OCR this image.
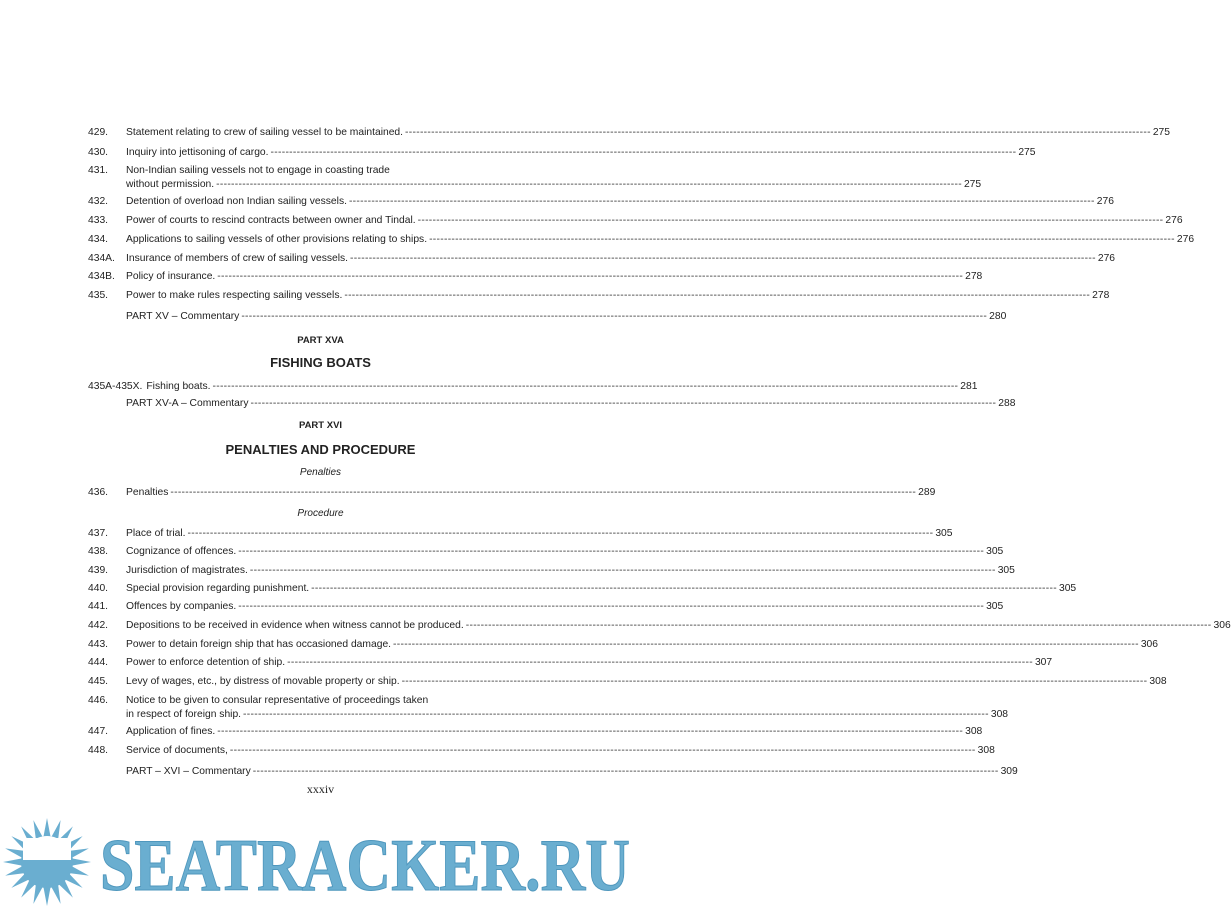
429.	Statement relating to crew of sailing vessel to be maintained. -------------------------------------------------------------------------------------------------------------------------------------------------------------------------------------------------------- 275
430.	Inquiry into jettisoning of cargo. -------------------------------------------------------------------------------------------------------------------------------------------------------------------------------------------------------- 275
431.	Non-Indian sailing vessels not to engage in coasting trade
without permission. -------------------------------------------------------------------------------------------------------------------------------------------------------------------------------------------------------- 275
432.	Detention of overload non Indian sailing vessels. -------------------------------------------------------------------------------------------------------------------------------------------------------------------------------------------------------- 276
433.	Power of courts to rescind contracts between owner and Tindal. -------------------------------------------------------------------------------------------------------------------------------------------------------------------------------------------------------- 276
434.	Applications to sailing vessels of other provisions relating to ships. -------------------------------------------------------------------------------------------------------------------------------------------------------------------------------------------------------- 276
434A.	Insurance of members of crew of sailing vessels. -------------------------------------------------------------------------------------------------------------------------------------------------------------------------------------------------------- 276
434B.	Policy of insurance. -------------------------------------------------------------------------------------------------------------------------------------------------------------------------------------------------------- 278
435.	Power to make rules respecting sailing vessels. -------------------------------------------------------------------------------------------------------------------------------------------------------------------------------------------------------- 278
PART XV – Commentary -------------------------------------------------------------------------------------------------------------------------------------------------------------------------------------------------------- 280
PART XVA
FISHING BOATS
435A-435X. Fishing boats. -------------------------------------------------------------------------------------------------------------------------------------------------------------------------------------------------------- 281
PART XV-A – Commentary -------------------------------------------------------------------------------------------------------------------------------------------------------------------------------------------------------- 288
PART XVI
PENALTIES AND PROCEDURE
Penalties
436.	Penalties -------------------------------------------------------------------------------------------------------------------------------------------------------------------------------------------------------- 289
Procedure
437.	Place of trial. -------------------------------------------------------------------------------------------------------------------------------------------------------------------------------------------------------- 305
438.	Cognizance of offences. -------------------------------------------------------------------------------------------------------------------------------------------------------------------------------------------------------- 305
439.	Jurisdiction of magistrates. -------------------------------------------------------------------------------------------------------------------------------------------------------------------------------------------------------- 305
440.	Special provision regarding punishment. -------------------------------------------------------------------------------------------------------------------------------------------------------------------------------------------------------- 305
441.	Offences by companies. -------------------------------------------------------------------------------------------------------------------------------------------------------------------------------------------------------- 305
442.	Depositions to be received in evidence when witness cannot be produced. -------------------------------------------------------------------------------------------------------------------------------------------------------------------------------------------------------- 306
443.	Power to detain foreign ship that has occasioned damage. -------------------------------------------------------------------------------------------------------------------------------------------------------------------------------------------------------- 306
444.	Power to enforce detention of ship. -------------------------------------------------------------------------------------------------------------------------------------------------------------------------------------------------------- 307
445.	Levy of wages, etc., by distress of movable property or ship. -------------------------------------------------------------------------------------------------------------------------------------------------------------------------------------------------------- 308
446.	Notice to be given to consular representative of proceedings taken
in respect of foreign ship. -------------------------------------------------------------------------------------------------------------------------------------------------------------------------------------------------------- 308
447.	Application of fines. -------------------------------------------------------------------------------------------------------------------------------------------------------------------------------------------------------- 308
448.	Service of documents, -------------------------------------------------------------------------------------------------------------------------------------------------------------------------------------------------------- 308
PART – XVI – Commentary -------------------------------------------------------------------------------------------------------------------------------------------------------------------------------------------------------- 309
xxxiv
SEATRACKER.RU
